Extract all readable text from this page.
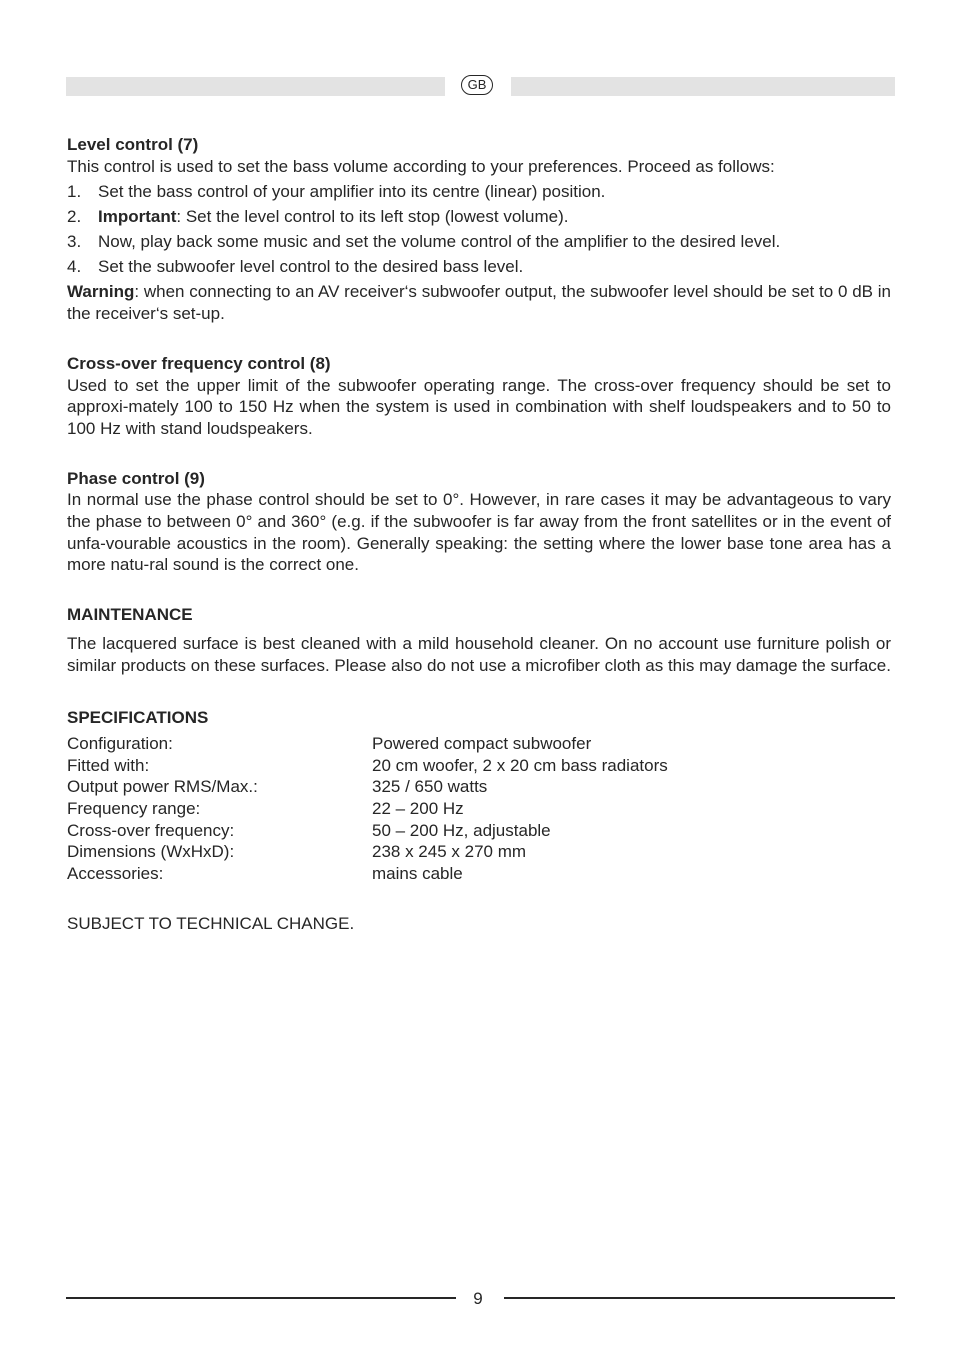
GB

Level control (7)

This control is used to set the bass volume according to your preferences. Proceed as follows:

1. Set the bass control of your amplifier into its centre (linear) position.
2. Important: Set the level control to its left stop (lowest volume).
3. Now, play back some music and set the volume control of the amplifier to the desired level.
4. Set the subwoofer level control to the desired bass level.

Warning: when connecting to an AV receiver‘s subwoofer output, the subwoofer level should be set to 0 dB in the receiver‘s set-up.

Cross-over frequency control (8)

Used to set the upper limit of the subwoofer operating range. The cross-over frequency should be set to approxi-mately 100 to 150 Hz when the system is used in combination with shelf loudspeakers and to 50 to 100 Hz with stand loudspeakers.

Phase control (9)

In normal use the phase control should be set to 0°. However, in rare cases it may be advantageous to vary the phase to between 0° and 360° (e.g. if the subwoofer is far away from the front satellites or in the event of unfa-vourable acoustics in the room). Generally speaking: the setting where the lower base tone area has a more natu-ral sound is the correct one.

MAINTENANCE

The lacquered surface is best cleaned with a mild household cleaner. On no account use furniture polish or similar products on these surfaces. Please also do not use a microfiber cloth as this may damage the surface.

SPECIFICATIONS

Configuration:	Powered compact subwoofer
Fitted with:	20 cm woofer, 2 x 20 cm bass radiators
Output power RMS/Max.:	325 / 650 watts
Frequency range:	22 – 200 Hz
Cross-over frequency:	50 – 200 Hz, adjustable
Dimensions (WxHxD):	238 x 245 x 270 mm
Accessories:	mains cable

SUBJECT TO TECHNICAL CHANGE.

9
